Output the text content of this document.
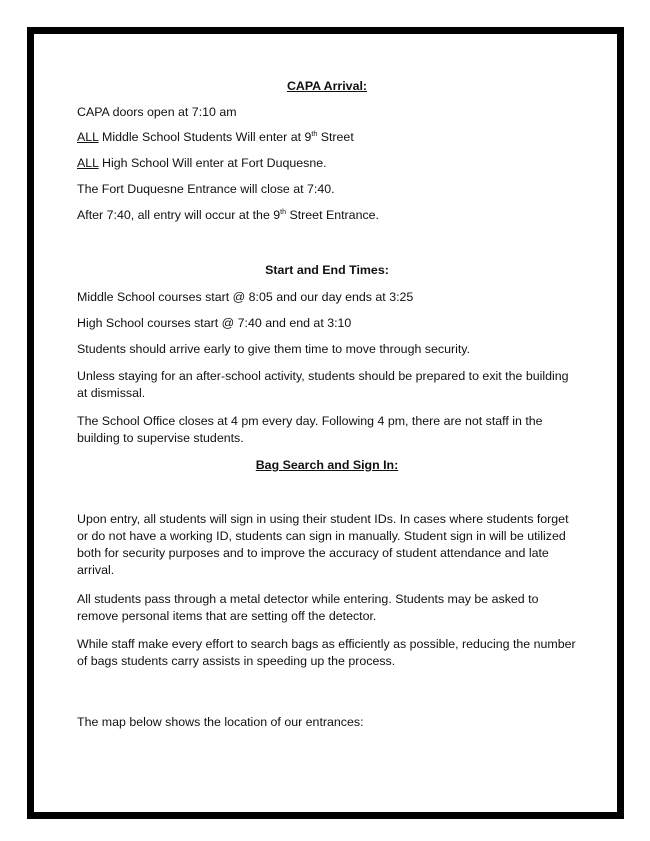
CAPA Arrival:

CAPA doors open at 7:10 am

ALL Middle School Students Will enter at 9th Street

ALL High School Will enter at Fort Duquesne.

The Fort Duquesne Entrance will close at 7:40.

After 7:40, all entry will occur at the 9th Street Entrance.

Start and End Times:

Middle School courses start @ 8:05 and our day ends at 3:25

High School courses start @ 7:40 and end at 3:10

Students should arrive early to give them time to move through security.

Unless staying for an after-school activity, students should be prepared to exit the building at dismissal.

The School Office closes at 4 pm every day. Following 4 pm, there are not staff in the building to supervise students.

Bag Search and Sign In:

Upon entry, all students will sign in using their student IDs. In cases where students forget or do not have a working ID, students can sign in manually. Student sign in will be utilized both for security purposes and to improve the accuracy of student attendance and late arrival.

All students pass through a metal detector while entering. Students may be asked to remove personal items that are setting off the detector.

While staff make every effort to search bags as efficiently as possible, reducing the number of bags students carry assists in speeding up the process.

The map below shows the location of our entrances:
